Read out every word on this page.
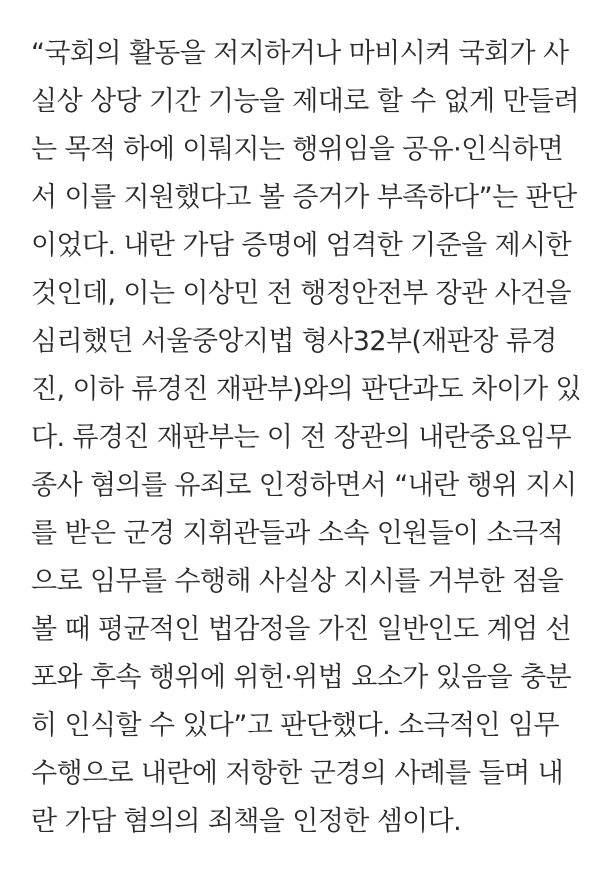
“국회의 활동을 저지하거나 마비시켜 국회가 사
실상 상당 기간 기능을 제대로 할 수 없게 만들려
는 목적 하에 이뤄지는 행위임을 공유·인식하면
서 이를 지원했다고 볼 증거가 부족하다”는 판단
이었다. 내란 가담 증명에 엄격한 기준을 제시한
것인데, 이는 이상민 전 행정안전부 장관 사건을
심리했던 서울중앙지법 형사32부(재판장 류경
진, 이하 류경진 재판부)와의 판단과도 차이가 있
다. 류경진 재판부는 이 전 장관의 내란중요임무
종사 혐의를 유죄로 인정하면서 “내란 행위 지시
를 받은 군경 지휘관들과 소속 인원들이 소극적
으로 임무를 수행해 사실상 지시를 거부한 점을
볼 때 평균적인 법감정을 가진 일반인도 계엄 선
포와 후속 행위에 위헌·위법 요소가 있음을 충분
히 인식할 수 있다”고 판단했다. 소극적인 임무
수행으로 내란에 저항한 군경의 사례를 들며 내
란 가담 혐의의 죄책을 인정한 셈이다.
